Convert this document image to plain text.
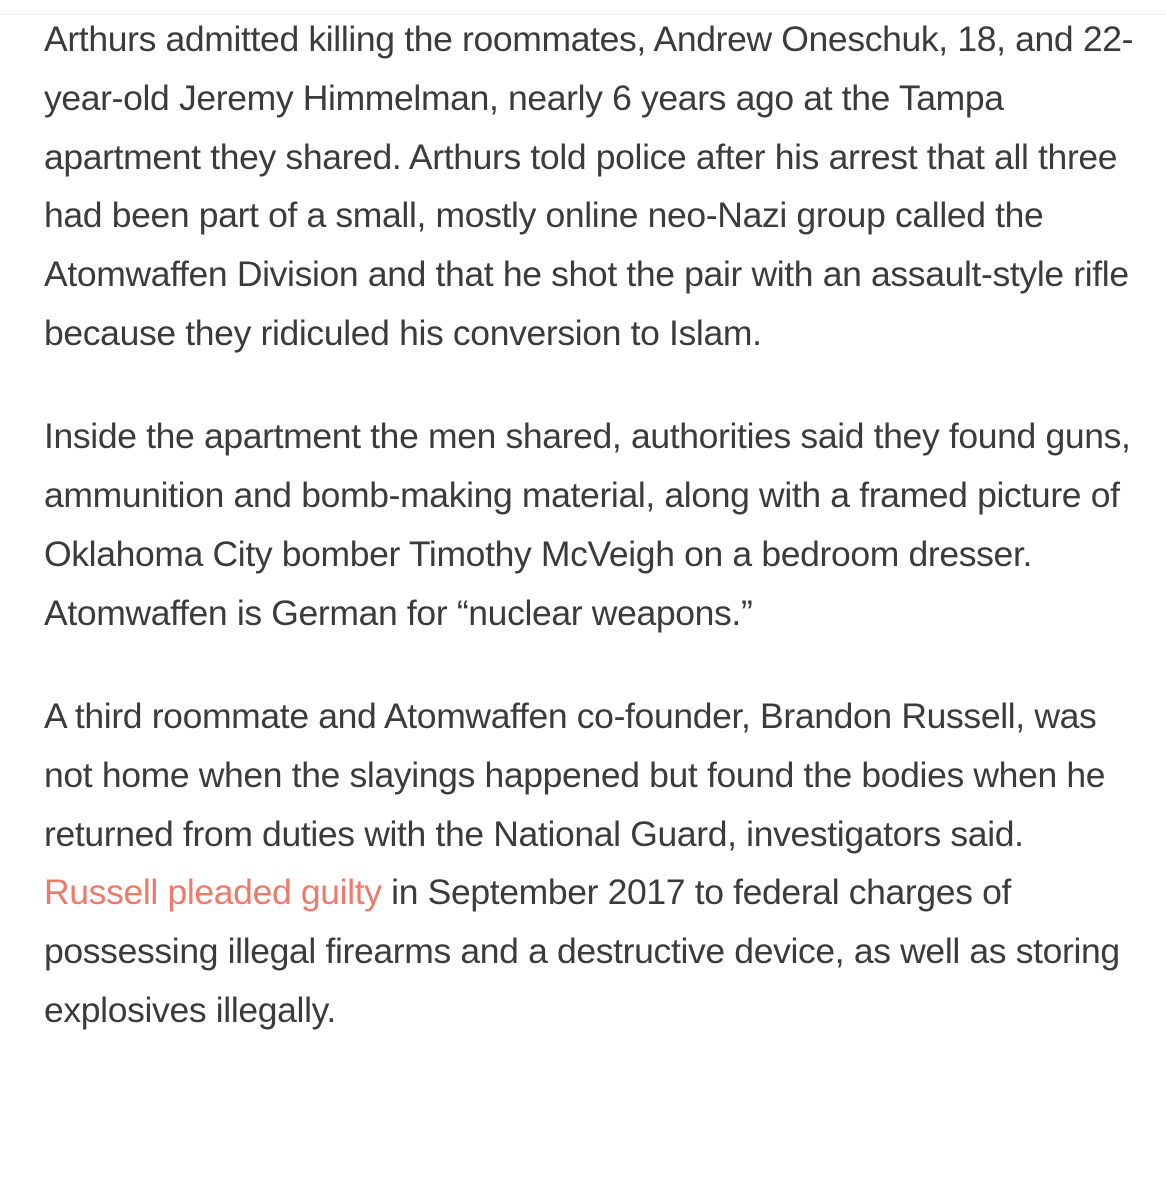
Arthurs admitted killing the roommates, Andrew Oneschuk, 18, and 22-year-old Jeremy Himmelman, nearly 6 years ago at the Tampa apartment they shared. Arthurs told police after his arrest that all three had been part of a small, mostly online neo-Nazi group called the Atomwaffen Division and that he shot the pair with an assault-style rifle because they ridiculed his conversion to Islam.

Inside the apartment the men shared, authorities said they found guns, ammunition and bomb-making material, along with a framed picture of Oklahoma City bomber Timothy McVeigh on a bedroom dresser. Atomwaffen is German for “nuclear weapons.”

A third roommate and Atomwaffen co-founder, Brandon Russell, was not home when the slayings happened but found the bodies when he returned from duties with the National Guard, investigators said. Russell pleaded guilty in September 2017 to federal charges of possessing illegal firearms and a destructive device, as well as storing explosives illegally.
